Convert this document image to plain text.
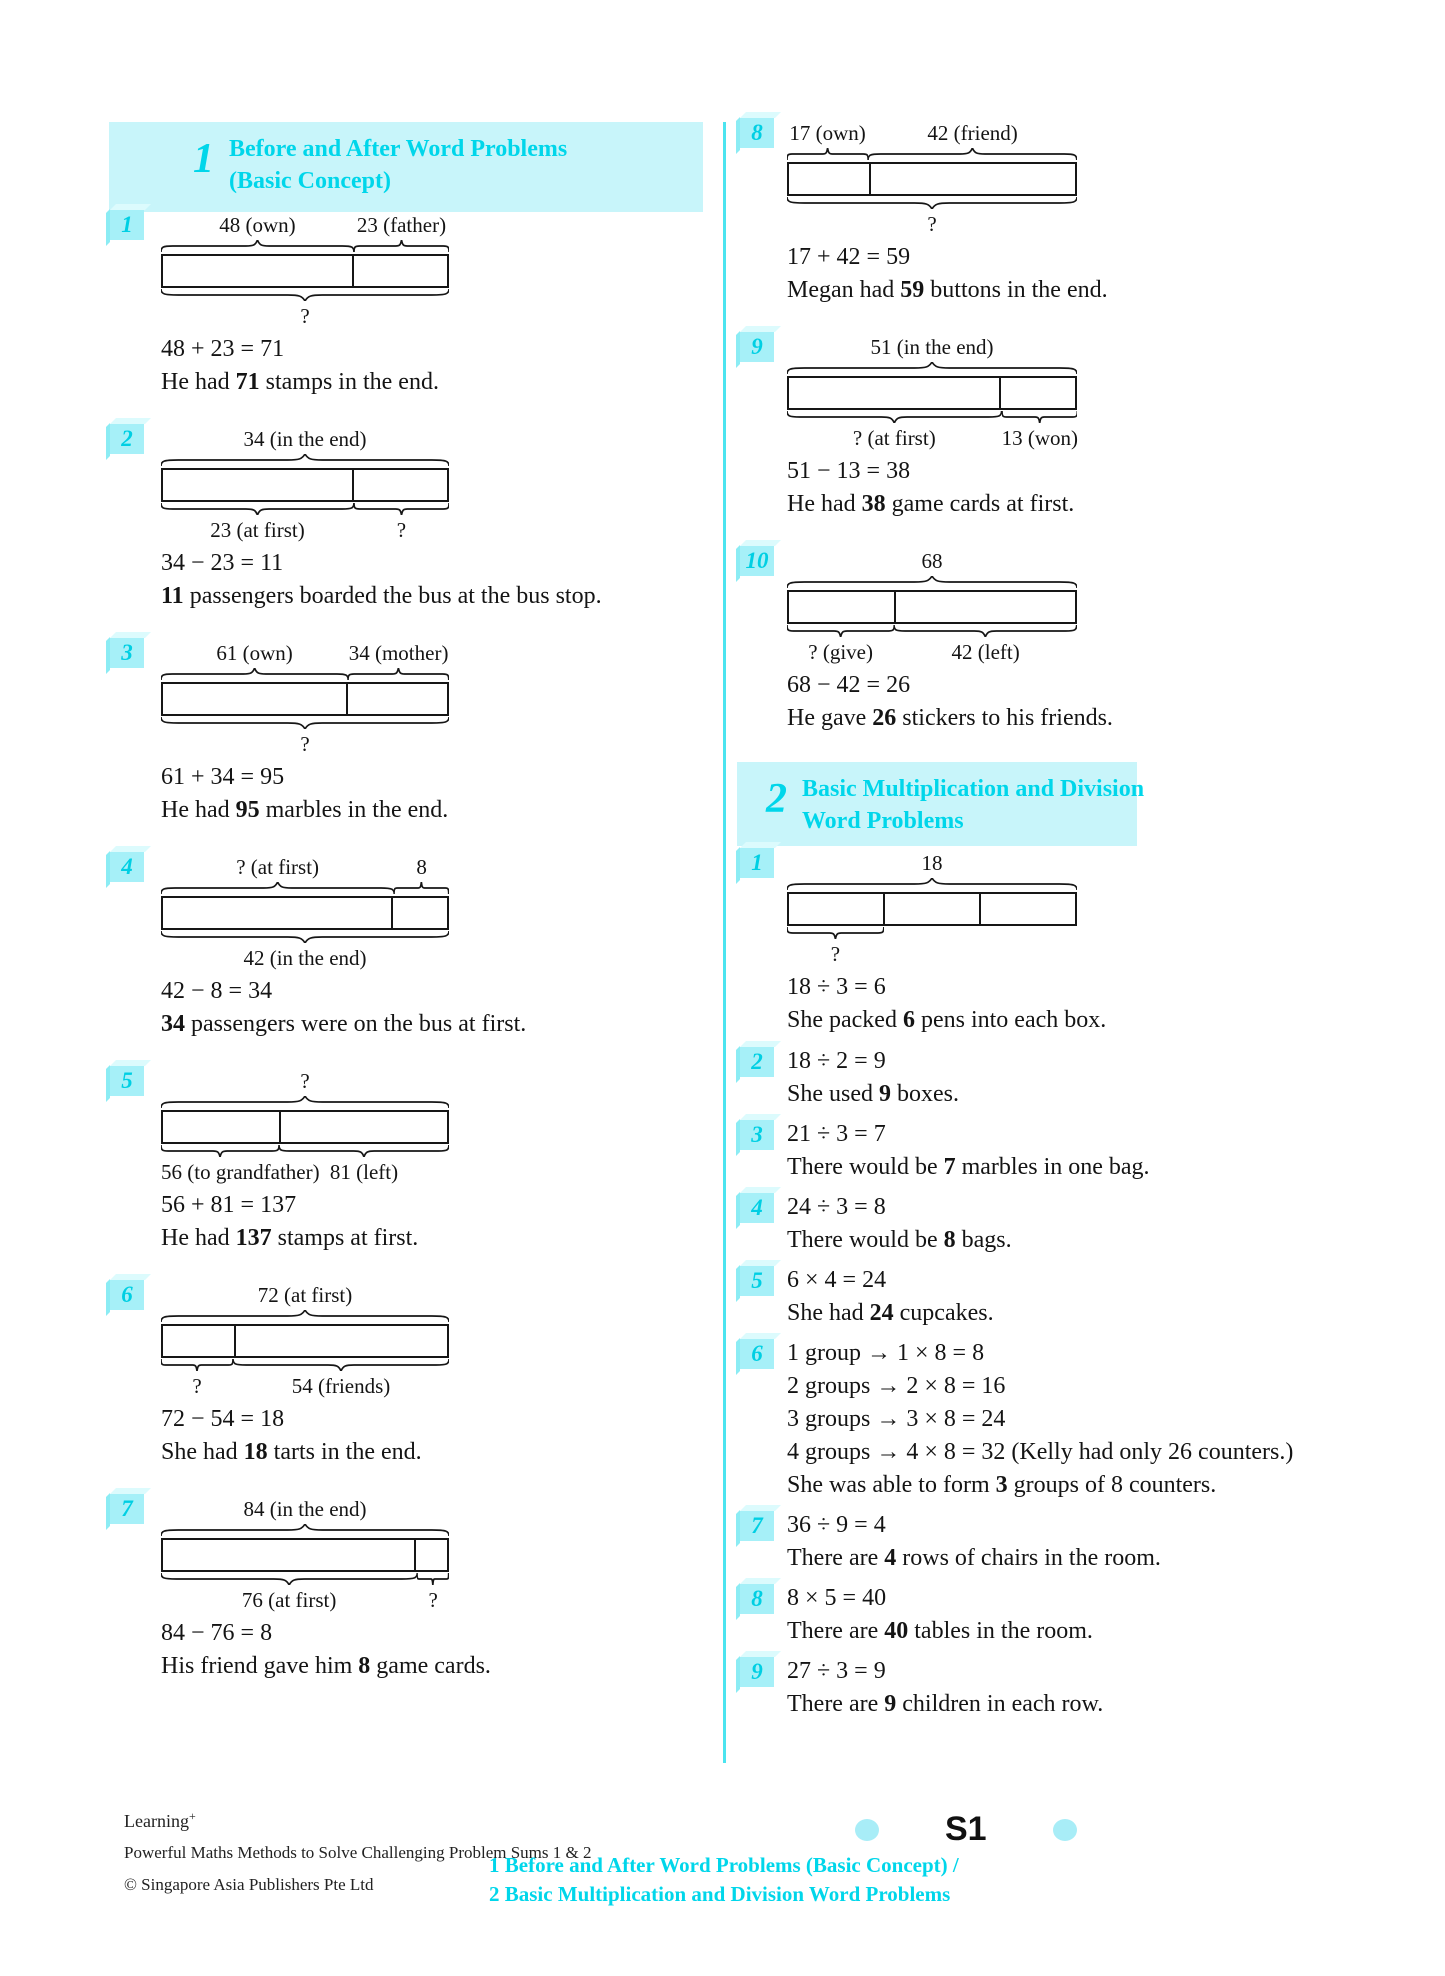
1 Before and After Word Problems
(Basic Concept)
1	48 (own)	23 (father)
?
48 + 23 = 71
He had 71 stamps in the end.
2	34 (in the end)
23 (at first)	?
34 − 23 = 11
11 passengers boarded the bus at the bus stop.
3	61 (own)	34 (mother)
?
61 + 34 = 95
He had 95 marbles in the end.
4	? (at first)	8
42 (in the end)
42 − 8 = 34
34 passengers were on the bus at first.
5	?
56 (to grandfather) 81 (left)
56 + 81 = 137
He had 137 stamps at first.
6	72 (at first)
?	54 (friends)
72 − 54 = 18
She had 18 tarts in the end.
7	84 (in the end)
76 (at first)	?
84 − 76 = 8
His friend gave him 8 game cards.
8	17 (own)	42 (friend)
?
17 + 42 = 59
Megan had 59 buttons in the end.
9	51 (in the end)
? (at first)	13 (won)
51 − 13 = 38
He had 38 game cards at first.
10	68
? (give)	42 (left)
68 − 42 = 26
He gave 26 stickers to his friends.
2 Basic Multiplication and Division
Word Problems
1	18
?
18 ÷ 3 = 6
She packed 6 pens into each box.
2	18 ÷ 2 = 9
She used 9 boxes.
3	21 ÷ 3 = 7
There would be 7 marbles in one bag.
4	24 ÷ 3 = 8
There would be 8 bags.
5	6 × 4 = 24
She had 24 cupcakes.
6	1 group → 1 × 8 = 8
2 groups → 2 × 8 = 16
3 groups → 3 × 8 = 24
4 groups → 4 × 8 = 32 (Kelly had only 26 counters.)
She was able to form 3 groups of 8 counters.
7	36 ÷ 9 = 4
There are 4 rows of chairs in the room.
8	8 × 5 = 40
There are 40 tables in the room.
9	27 ÷ 3 = 9
There are 9 children in each row.
Learning+
Powerful Maths Methods to Solve Challenging Problem Sums 1 & 2
© Singapore Asia Publishers Pte Ltd
S1
1 Before and After Word Problems (Basic Concept) /
2 Basic Multiplication and Division Word Problems
